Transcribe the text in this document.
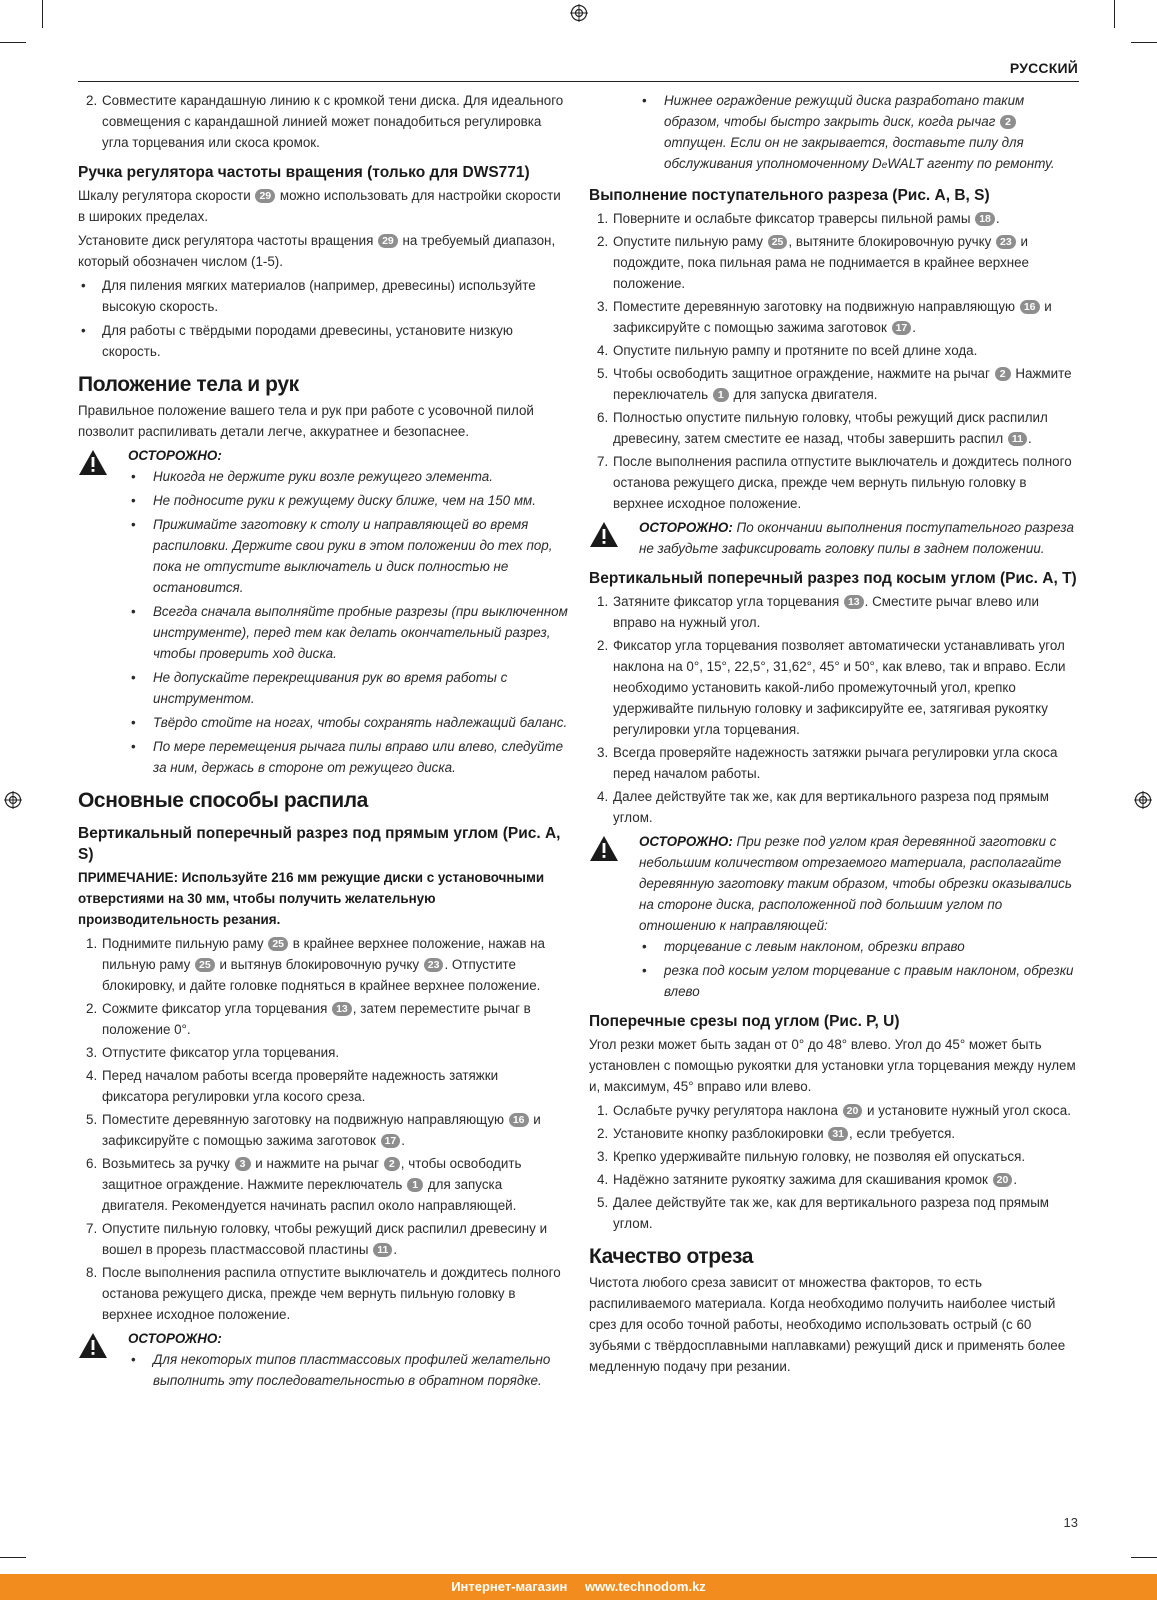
РУССКИЙ
2. Совместите карандашную линию к с кромкой тени диска. Для идеального совмещения с карандашной линией может понадобиться регулировка угла торцевания или скоса кромок.
Ручка регулятора частоты вращения (только для DWS771)

Шкалу регулятора скорости 29 можно использовать для настройки скорости в широких пределах.

Установите диск регулятора частоты вращения 29 на требуемый диапазон, который обозначен числом (1-5).

• Для пиления мягких материалов (например, древесины) используйте высокую скорость.
• Для работы с твёрдыми породами древесины, установите низкую скорость.
Положение тела и рук

Правильное положение вашего тела и рук при работе с усовочной пилой позволит распиливать детали легче, аккуратнее и безопаснее.

ОСТОРОЖНО:
• Никогда не держите руки возле режущего элемента.
• Не подносите руки к режущему диску ближе, чем на 150 мм.
• Прижимайте заготовку к столу и направляющей во время распиловки. Держите свои руки в этом положении до тех пор, пока не отпустите выключатель и диск полностью не остановится.
• Всегда сначала выполняйте пробные разрезы (при выключенном инструменте), перед тем как делать окончательный разрез, чтобы проверить ход диска.
• Не допускайте перекрещивания рук во время работы с инструментом.
• Твёрдо стойте на ногах, чтобы сохранять надлежащий баланс.
• По мере перемещения рычага пилы вправо или влево, следуйте за ним, держась в стороне от режущего диска.
Основные способы распила
Вертикальный поперечный разрез под прямым углом (Рис. A, S)

ПРИМЕЧАНИЕ: Используйте 216 мм режущие диски с установочными отверстиями на 30 мм, чтобы получить желательную производительность резания.

1. Поднимите пильную раму 25 в крайнее верхнее положение, нажав на пильную раму 25 и вытянув блокировочную ручку 23 . Отпустите блокировку, и дайте головке подняться в крайнее верхнее положение.
2. Сожмите фиксатор угла торцевания 13 , затем переместите рычаг в положение 0°.
3. Отпустите фиксатор угла торцевания.
4. Перед началом работы всегда проверяйте надежность затяжки фиксатора регулировки угла косого среза.
5. Поместите деревянную заготовку на подвижную направляющую 16 и зафиксируйте с помощью зажима заготовок 17 .
6. Возьмитесь за ручку 3 и нажмите на рычаг 2 , чтобы освободить защитное ограждение. Нажмите переключатель 1 для запуска двигателя. Рекомендуется начинать распил около направляющей.
7. Опустите пильную головку, чтобы режущий диск распилил древесину и вошел в прорезь пластмассовой пластины 11 .
8. После выполнения распила отпустите выключатель и дождитесь полного останова режущего диска, прежде чем вернуть пильную головку в верхнее исходное положение.
ОСТОРОЖНО:
• Для некоторых типов пластмассовых профилей желательно выполнить эту последовательностью в обратном порядке.
• Нижнее ограждение режущий диска разработано таким образом, чтобы быстро закрыть диск, когда рычаг 2 отпущен. Если он не закрывается, доставьте пилу для обслуживания уполномоченному DeWALT агенту по ремонту.
Выполнение поступательного разреза (Рис. A, B, S)
1. Поверните и ослабьте фиксатор траверсы пильной рамы 18 .
2. Опустите пильную раму 25 , вытяните блокировочную ручку 23 и подождите, пока пильная рама не поднимается в крайнее верхнее положение.
3. Поместите деревянную заготовку на подвижную направляющую 16 и зафиксируйте с помощью зажима заготовок 17 .
4. Опустите пильную рампу и протяните по всей длине хода.
5. Чтобы освободить защитное ограждение, нажмите на рычаг 2 Нажмите переключатель 1 для запуска двигателя.
6. Полностью опустите пильную головку, чтобы режущий диск распилил древесину, затем сместите ее назад, чтобы завершить распил 11 .
7. После выполнения распила отпустите выключатель и дождитесь полного останова режущего диска, прежде чем вернуть пильную головку в верхнее исходное положение.
ОСТОРОЖНО: По окончании выполнения поступательного разреза не забудьте зафиксировать головку пилы в заднем положении.
Вертикальный поперечный разрез под косым углом (Рис. A, T)
1. Затяните фиксатор угла торцевания 13 . Сместите рычаг влево или вправо на нужный угол.
2. Фиксатор угла торцевания позволяет автоматически устанавливать угол наклона на 0°, 15°, 22,5°, 31,62°, 45° и 50°, как влево, так и вправо. Если необходимо установить какой-либо промежуточный угол, крепко удерживайте пильную головку и зафиксируйте ее, затягивая рукоятку регулировки угла торцевания.
3. Всегда проверяйте надежность затяжки рычага регулировки угла скоса перед началом работы.
4. Далее действуйте так же, как для вертикального разреза под прямым углом.
ОСТОРОЖНО: При резке под углом края деревянной заготовки с небольшим количеством отрезаемого материала, располагайте деревянную заготовку таким образом, чтобы обрезки оказывались на стороне диска, расположенной под большим углом по отношению к направляющей:
• торцевание с левым наклоном, обрезки вправо
• резка под косым углом торцевание с правым наклоном, обрезки влево
Поперечные срезы под углом (Рис. P, U)

Угол резки может быть задан от 0° до 48° влево. Угол до 45° может быть установлен с помощью рукоятки для установки угла торцевания между нулем и, максимум, 45° вправо или влево.

1. Ослабьте ручку регулятора наклона 20 и установите нужный угол скоса.
2. Установите кнопку разблокировки 31 , если требуется.
3. Крепко удерживайте пильную головку, не позволяя ей опускаться.
4. Надёжно затяните рукоятку зажима для скашивания кромок 20 .
5. Далее действуйте так же, как для вертикального разреза под прямым углом.
Качество отреза

Чистота любого среза зависит от множества факторов, то есть распиливаемого материала. Когда необходимо получить наиболее чистый срез для особо точной работы, необходимо использовать острый (с 60 зубьями с твёрдосплавными наплавками) режущий диск и применять более медленную подачу при резании.

13
Интернет-магазин www.technodom.kz
